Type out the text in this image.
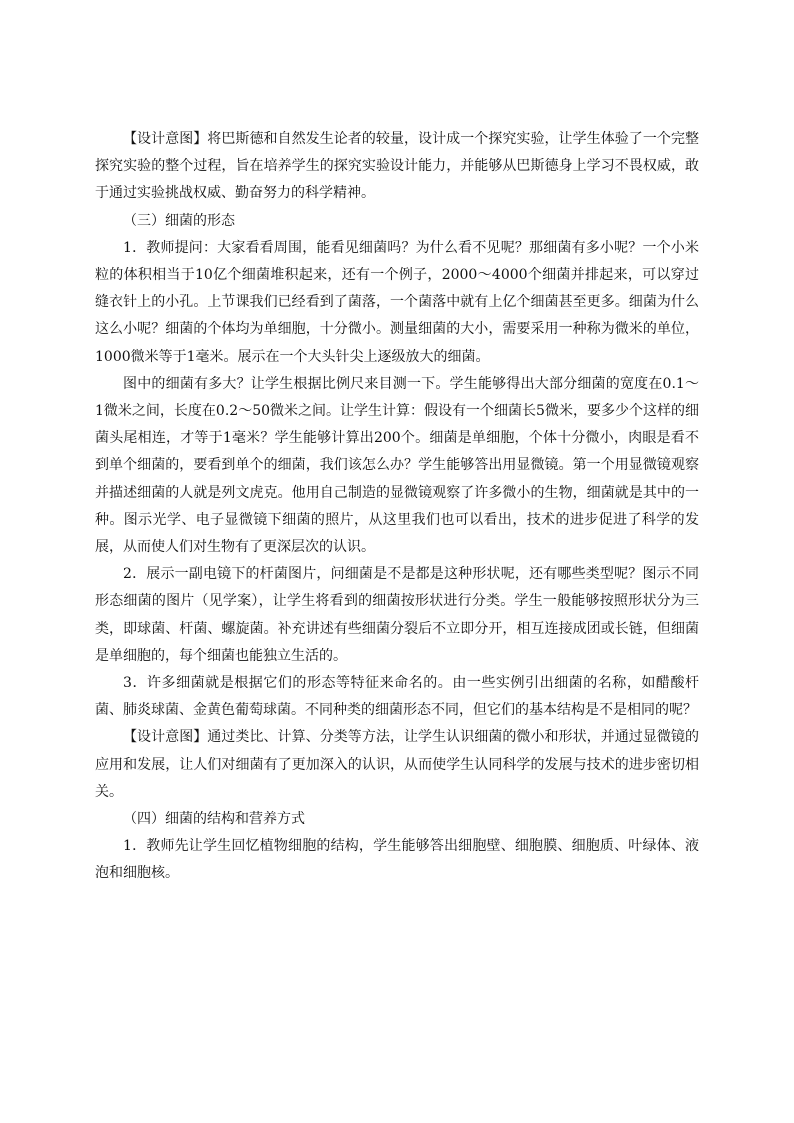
【设计意图】将巴斯德和自然发生论者的较量，设计成一个探究实验，让学生体验了一个完整探究实验的整个过程，旨在培养学生的探究实验设计能力，并能够从巴斯德身上学习不畏权威，敢于通过实验挑战权威、勤奋努力的科学精神。

（三）细菌的形态

1．教师提问：大家看看周围，能看见细菌吗？为什么看不见呢？那细菌有多小呢？一个小米粒的体积相当于10亿个细菌堆积起来，还有一个例子，2000～4000个细菌并排起来，可以穿过缝衣针上的小孔。上节课我们已经看到了菌落，一个菌落中就有上亿个细菌甚至更多。细菌为什么这么小呢？细菌的个体均为单细胞，十分微小。测量细菌的大小，需要采用一种称为微米的单位，1000微米等于1毫米。展示在一个大头针尖上逐级放大的细菌。

图中的细菌有多大？让学生根据比例尺来目测一下。学生能够得出大部分细菌的宽度在0.1～1微米之间，长度在0.2～50微米之间。让学生计算：假设有一个细菌长5微米，要多少个这样的细菌头尾相连，才等于1毫米？学生能够计算出200个。细菌是单细胞，个体十分微小，肉眼是看不到单个细菌的，要看到单个的细菌，我们该怎么办？学生能够答出用显微镜。第一个用显微镜观察并描述细菌的人就是列文虎克。他用自己制造的显微镜观察了许多微小的生物，细菌就是其中的一种。图示光学、电子显微镜下细菌的照片，从这里我们也可以看出，技术的进步促进了科学的发展，从而使人们对生物有了更深层次的认识。

2．展示一副电镜下的杆菌图片，问细菌是不是都是这种形状呢，还有哪些类型呢？图示不同形态细菌的图片（见学案），让学生将看到的细菌按形状进行分类。学生一般能够按照形状分为三类，即球菌、杆菌、螺旋菌。补充讲述有些细菌分裂后不立即分开，相互连接成团或长链，但细菌是单细胞的，每个细菌也能独立生活的。

3．许多细菌就是根据它们的形态等特征来命名的。由一些实例引出细菌的名称，如醋酸杆菌、肺炎球菌、金黄色葡萄球菌。不同种类的细菌形态不同，但它们的基本结构是不是相同的呢？

【设计意图】通过类比、计算、分类等方法，让学生认识细菌的微小和形状，并通过显微镜的应用和发展，让人们对细菌有了更加深入的认识，从而使学生认同科学的发展与技术的进步密切相关。

（四）细菌的结构和营养方式

1．教师先让学生回忆植物细胞的结构，学生能够答出细胞壁、细胞膜、细胞质、叶绿体、液泡和细胞核。
